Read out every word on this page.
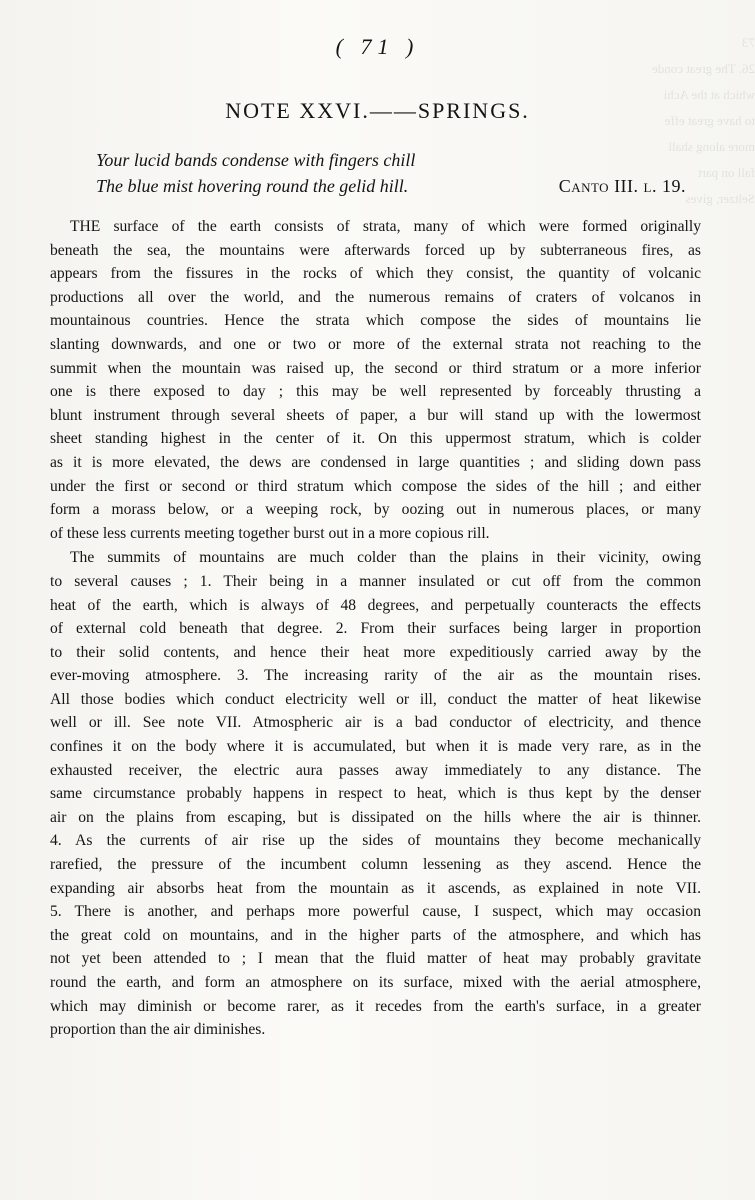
73
26. The great conde
which at the Achi
to have great effe
more along shall
fall on part
Seltzer, gives
( 71 )
NOTE XXVI.——SPRINGS.
Your lucid bands condense with fingers chill
The blue mist hovering round the gelid hill.	Canto III. l. 19.
THE surface of the earth consists of strata, many of which were formed originally
beneath the sea, the mountains were afterwards forced up by subterraneous fires, as
appears from the fissures in the rocks of which they consist, the quantity of volcanic
productions all over the world, and the numerous remains of craters of volcanos in
mountainous countries. Hence the strata which compose the sides of mountains lie
slanting downwards, and one or two or more of the external strata not reaching to the
summit when the mountain was raised up, the second or third stratum or a more inferior
one is there exposed to day ; this may be well represented by forceably thrusting a
blunt instrument through several sheets of paper, a bur will stand up with the lowermost
sheet standing highest in the center of it. On this uppermost stratum, which is colder
as it is more elevated, the dews are condensed in large quantities ; and sliding down pass
under the first or second or third stratum which compose the sides of the hill ; and either
form a morass below, or a weeping rock, by oozing out in numerous places, or many
of these less currents meeting together burst out in a more copious rill.
The summits of mountains are much colder than the plains in their vicinity, owing
to several causes ; 1. Their being in a manner insulated or cut off from the common
heat of the earth, which is always of 48 degrees, and perpetually counteracts the effects
of external cold beneath that degree. 2. From their surfaces being larger in proportion
to their solid contents, and hence their heat more expeditiously carried away by the
ever-moving atmosphere. 3. The increasing rarity of the air as the mountain rises.
All those bodies which conduct electricity well or ill, conduct the matter of heat likewise
well or ill. See note VII. Atmospheric air is a bad conductor of electricity, and thence
confines it on the body where it is accumulated, but when it is made very rare, as in the
exhausted receiver, the electric aura passes away immediately to any distance. The
same circumstance probably happens in respect to heat, which is thus kept by the denser
air on the plains from escaping, but is dissipated on the hills where the air is thinner.
4. As the currents of air rise up the sides of mountains they become mechanically
rarefied, the pressure of the incumbent column lessening as they ascend. Hence the
expanding air absorbs heat from the mountain as it ascends, as explained in note VII.
5. There is another, and perhaps more powerful cause, I suspect, which may occasion
the great cold on mountains, and in the higher parts of the atmosphere, and which has
not yet been attended to ; I mean that the fluid matter of heat may probably gravitate
round the earth, and form an atmosphere on its surface, mixed with the aerial atmosphere,
which may diminish or become rarer, as it recedes from the earth's surface, in a greater
proportion than the air diminishes.
